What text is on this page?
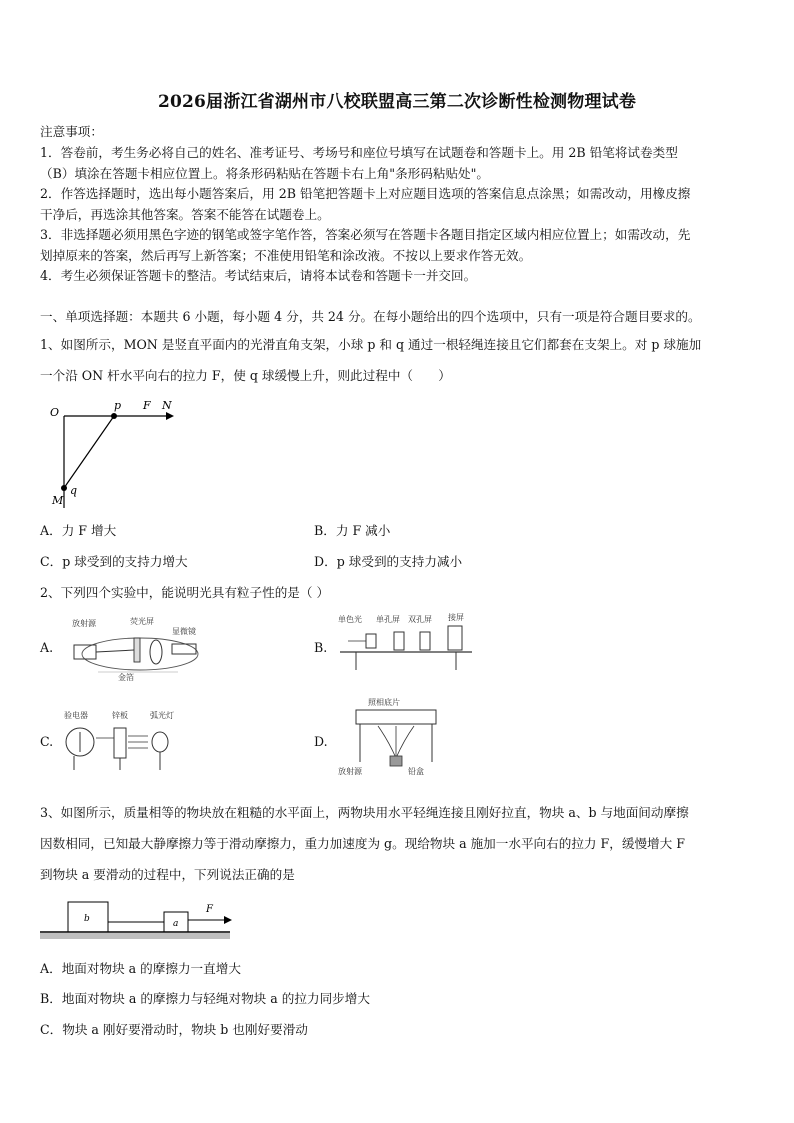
2026届浙江省湖州市八校联盟高三第二次诊断性检测物理试卷
注意事项：
1．答卷前，考生务必将自己的姓名、准考证号、考场号和座位号填写在试题卷和答题卡上。用 2B 铅笔将试卷类型
（B）填涂在答题卡相应位置上。将条形码粘贴在答题卡右上角"条形码粘贴处"。
2．作答选择题时，选出每小题答案后，用 2B 铅笔把答题卡上对应题目选项的答案信息点涂黑；如需改动，用橡皮擦
干净后，再选涂其他答案。答案不能答在试题卷上。
3．非选择题必须用黑色字迹的钢笔或签字笔作答，答案必须写在答题卡各题目指定区域内相应位置上；如需改动，先
划掉原来的答案，然后再写上新答案；不准使用铅笔和涂改液。不按以上要求作答无效。
4．考生必须保证答题卡的整洁。考试结束后，请将本试卷和答题卡一并交回。
一、单项选择题：本题共 6 小题，每小题 4 分，共 24 分。在每小题给出的四个选项中，只有一项是符合题目要求的。
1、如图所示，MON 是竖直平面内的光滑直角支架，小球 p 和 q 通过一根轻绳连接且它们都套在支架上。对 p 球施加
一个沿 ON 杆水平向右的拉力 F，使 q 球缓慢上升，则此过程中（　　）
O
p F N
M
q
A．力 F 增大	B．力 F 减小
C．p 球受到的支持力增大	D．p 球受到的支持力减小
2、下列四个实验中，能说明光具有粒子性的是（ ）
A.
放射源	荧光屏
显微镜
金箔
B.
单色光 单孔屏 双孔屏 接屏
C.
验电器	锌板	弧光灯
D.
照相底片
放射源	铅盒
3、如图所示，质量相等的物块放在粗糙的水平面上，两物块用水平轻绳连接且刚好拉直，物块 a、b 与地面间动摩擦
因数相同，已知最大静摩擦力等于滑动摩擦力，重力加速度为 g。现给物块 a 施加一水平向右的拉力 F，缓慢增大 F
到物块 a 要滑动的过程中，下列说法正确的是
b	a
F
A．地面对物块 a 的摩擦力一直增大
B．地面对物块 a 的摩擦力与轻绳对物块 a 的拉力同步增大
C．物块 a 刚好要滑动时，物块 b 也刚好要滑动
